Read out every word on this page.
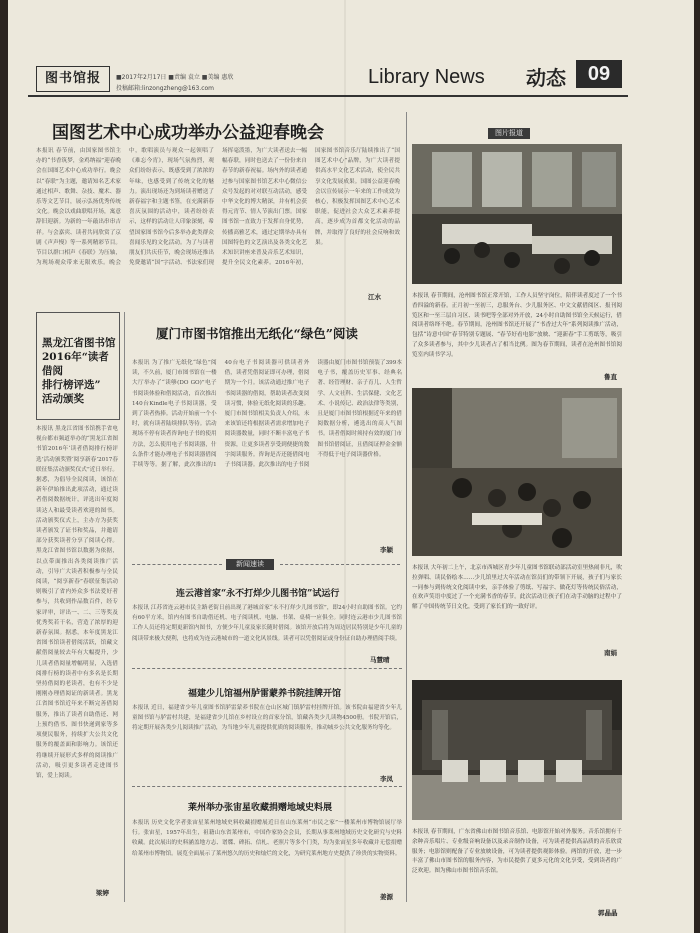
图书馆报	■2017年2月17日 ■责编 袁立 ■美编 惠欣
投稿邮箱:linzongzheng@163.com
Library News 动态	09
国图艺术中心成功举办公益迎春晚会
本报讯 春节前，由国家图书馆主办的“书香筑梦，金鸡纳福”迎春晚会在国图艺术中心成功举行。晚会以“春联”为主题，邀请知名艺术家通过相声、歌舞、杂技、魔术、器乐等文艺节目，展示弘扬优秀传统文化。晚会以戏曲联唱开场，寓意辞旧迎新。为新的一年敲出串串吉祥。与会嘉宾、读者共同欣赏了京剧《声声慢》等一系列精彩节目。节目以群口相声《春联》为压轴，为现场观众带来无限欢乐。晚会中，歌唱演员与观众一起领唱了《难忘今宵》，现场气氛热烈，观众们纷纷表示，既感受到了浓浓的年味，也感受到了传统文化的魅力。演出现场还为到场读者赠送了新春福字和主题书签，在充满新春喜庆氛围的活动中，读者纷纷表示，这样的活动让人印象深刻，希望国家图书馆今后多举办此类群众喜闻乐见的文化活动。为了与读者朋友们共庆佳节，晚会现场还推出免费邀请“国”字活动、书法家们现场挥毫泼墨，为广大读者送去一幅幅春联，同时也送去了一份份来自春节的新春祝福。场内外的读者通过参与国家图书馆艺术中心微信公众号发起的对对联互动活动，感受中华文化的博大精深，并有机会获得元宵节、情人节演出门票。国家图书馆一直致力于发挥自身优势，传播高雅艺术，通过定期举办具有国图特色的文艺演出及各类文化艺术知识讲座来普及音乐艺术知识，提升全民文化素养。2016年初，国家图书馆音乐厅陆续推出了“国图艺术中心”品牌，为广大读者提供高水平文化艺术活动，使全民共享文化发展成果。国图公益迎春晚会以宣传展示一年来的工作成效为核心，积极发挥国图艺术中心艺术职能，促进社会大众艺术素养提高，逐步成为首都文化活动的品牌，并取得了良好的社会反响和效果。
江水
黑龙江省图书馆
2016年“读者借阅
排行榜评选”
活动颁奖
本报讯 黑龙江省图书馆携手省电视台都市频道举办的“黑龙江省图书馆2016年‘读者借阅排行榜评选’活动颁奖暨‘阅享新春’2017春联征集活动颁奖仪式”近日举行。据悉，为倡导全民阅读，该馆在新年伊始推出此项活动，通过读者借阅数据统计，评选出年度阅读达人和最受读者欢迎的图书。活动颁奖仪式上，主办方为获奖读者颁发了证书和奖品，并邀请部分获奖读者分享了阅读心得。黑龙江省图书馆以数据为依据，以点带面推出各类阅读推广活动，引导广大读者积极参与全民阅读，“阅享新春”春联征集活动则吸引了省内外众多书法爱好者参与，共收到作品数百件，经专家评审，评出一、二、三等奖及优秀奖若干名，营造了浓厚的迎新春氛围。据悉，本年度黑龙江省图书馆读者借阅活跃，馆藏文献借阅量较去年有大幅提升，少儿读者借阅量增幅明显，入选借阅排行榜的读者中有多名是长期坚持借阅的老读者，也有不少是刚刚办理借阅证的新读者。黑龙江省图书馆近年来不断完善借阅服务，推出了读者自助借还、网上预约借书、图书快递到家等多项便民服务，持续扩大公共文化服务的覆盖面和影响力。该馆还将继续开展形式多样的阅读推广活动，吸引更多读者走进图书馆，爱上阅读。
梁婷
厦门市图书馆推出无纸化“绿色”阅读
本报讯 为了推广无纸化“绿色”阅读，不久前，厦门市图书馆在一楼大厅举办了“读够(DO GO)”电子书阅读体验和借阅活动，首次推出140台Kindle电子书阅读器，受到了读者热捧。活动开始前一个小时，就有读者陆续排队等待。活动现场不停有读者咨询电子书的使用方法，怎么使用电子书阅读器，什么条件才能办理电子书阅读器借阅手续等等。据了解，此次推出的140台电子书阅读器可供读者外借，读者凭借阅证即可办理，借阅期为一个月。该活动通过推广电子书阅读器的借阅，帮助读者改变阅读习惯，体验无纸化阅读的乐趣。厦门市图书馆相关负责人介绍，未来该馆还将根据读者需求增加电子阅读器数量，同时不断丰富电子书资源，让更多读者享受到便捷的数字阅读服务。咨询是否还能借阅电子书阅读器。此次推出的电子书阅读器由厦门市图书馆预装了399本电子书，覆盖历史军事、经典名著、经管理财、亲子育儿、人生哲学、人文社科、生活保健、文化艺术、小说传记、政治法律等类别，且是厦门市图书馆根据近年来的借阅数据分析，遴选出的高人气图书。读者借阅时须持有效的厦门市图书馆借阅证，且借阅证押金金额不得低于电子阅读器价格。
李颖
新闻速读
连云港首家“永不打烊少儿图书馆”试运行
本报讯 江苏省连云港市民主路老街日前出现了港城首家“永不打烊少儿图书馆”，即24小时自助图书馆。它约有60平方米，馆内有图书自助借还机、电子阅读机、电脑、书架、桌椅一应俱全。同时连云港市少儿图书馆工作人员还将定期更新馆内图书，方便少年儿童及家长随时借阅。该馆开放后将为周边居民特别是少年儿童的阅读带来极大便利，也将成为连云港城市的一道文化风景线。读者可以凭借阅证或身份证自助办理借阅手续。
马慧晴
福建少儿馆福州胪雷蒙养书院挂牌开馆
本报讯 近日，福建省少年儿童图书馆胪雷蒙养书院在仓山区城门镇胪雷村挂牌开馆。该书院由福建省少年儿童图书馆与胪雷村共建，是福建省少儿馆在乡村设立的首家分馆，馆藏各类少儿读物4500册。书院开馆后，将定期开展各类少儿阅读推广活动，为当地少年儿童提供优质的阅读服务，推动城乡公共文化服务均等化。
李凤
莱州举办张宙星收藏捐赠地域史料展
本报讯 历史文化学者张宙星莱州地域史料收藏捐赠展近日在山东莱州“市民之家”一楼莱州市博物馆展厅举行。张宙星，1957年出生，祖籍山东省莱州市，中国作家协会会员，长期从事莱州地域历史文化研究与史料收藏。此次展出的史料涵盖地方志、谱牒、碑拓、信札、老照片等多个门类，均为张宙星多年收藏并无偿捐赠给莱州市博物馆。展览全面展示了莱州悠久的历史和灿烂的文化，为研究莱州地方史提供了珍贵的实物资料。
姜源
图片报道
本报讯 春节期间，沧州图书馆正常开馆，工作人员坚守岗位，陪伴读者度过了一个书香四溢的新春。正月初一至初三，总服务台、少儿服务区、中文文献借阅区、报刊阅览区和一至三层自习区、读书吧等全部对外开放，24小时自助图书馆全天候运行，借阅读者络绎不绝。春节期间，沧州图书馆还开展了“书香过大年”系列阅读推广活动，包括“诗意中国”春节特别专题展、“春节好看电影”放映、“迎新春”手工剪纸等，吸引了众多读者参与，其中少儿读者占了相当比例。图为春节期间，读者在沧州图书馆阅览室内读书学习。
鲁直
本报讯 大年初二上午，北京市西城区青少年儿童图书馆联动部活动室里热闹非凡，吹拉弹唱、读民俗绘本……少儿馆里过大年活动在馆员们的带领下开展，孩子们与家长一同参与到传统文化阅读中来，亲手体验了剪纸、写福字、做花灯等传统民俗活动，在欢声笑语中度过了一个充满书香的春节。此次活动让孩子们在动手动脑的过程中了解了中国传统节日文化，受到了家长们的一致好评。
南娟
本报讯 春节期间，广东省佛山市图书馆音乐馆、电影馆开始对外服务。音乐馆拥有千余种音乐唱片、专业级音响设备以及录音制作设备，可为读者提供高品质的音乐欣赏服务；电影馆则配备了专业放映设备，可为读者提供观影体验。两馆的开放，进一步丰富了佛山市图书馆的服务内容，为市民提供了更多元化的文化享受，受到读者的广泛欢迎。图为佛山市图书馆音乐馆。
郭晶晶
